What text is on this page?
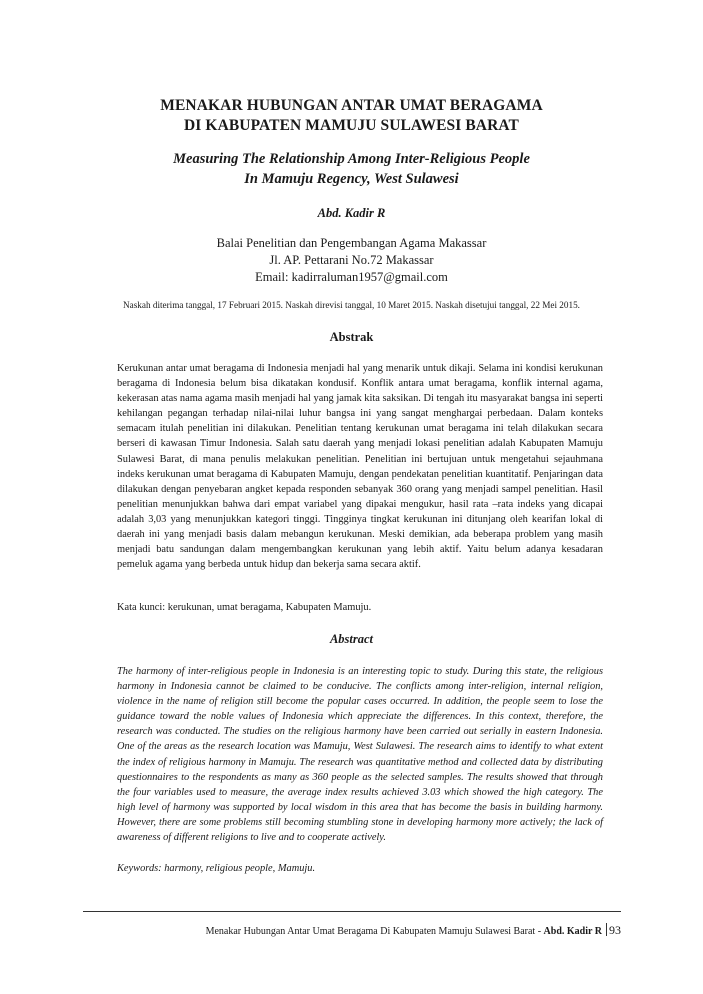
MENAKAR HUBUNGAN ANTAR UMAT BERAGAMA
DI KABUPATEN MAMUJU SULAWESI BARAT
Measuring The Relationship Among Inter-Religious People
In Mamuju Regency, West Sulawesi
Abd. Kadir R
Balai Penelitian dan Pengembangan Agama Makassar
Jl. AP. Pettarani No.72 Makassar
Email: kadirraluman1957@gmail.com
Naskah diterima tanggal, 17 Februari 2015. Naskah direvisi tanggal, 10 Maret 2015. Naskah disetujui tanggal, 22 Mei 2015.
Abstrak
Kerukunan antar umat beragama di Indonesia menjadi hal yang menarik untuk dikaji. Selama ini kondisi kerukunan beragama di Indonesia belum bisa dikatakan kondusif. Konflik antara umat beragama, konflik internal agama, kekerasan atas nama agama masih menjadi hal yang jamak kita saksikan. Di tengah itu masyarakat bangsa ini seperti kehilangan pegangan terhadap nilai-nilai luhur bangsa ini yang sangat menghargai perbedaan. Dalam konteks semacam itulah penelitian ini dilakukan. Penelitian tentang kerukunan umat beragama ini telah dilakukan secara berseri di kawasan Timur Indonesia. Salah satu daerah yang menjadi lokasi penelitian adalah Kabupaten Mamuju Sulawesi Barat, di mana penulis melakukan penelitian. Penelitian ini bertujuan untuk mengetahui sejauhmana indeks kerukunan umat beragama di Kabupaten Mamuju, dengan pendekatan penelitian kuantitatif. Penjaringan data dilakukan dengan penyebaran angket kepada responden sebanyak 360 orang yang menjadi sampel penelitian. Hasil penelitian menunjukkan bahwa dari empat variabel yang dipakai mengukur, hasil rata –rata indeks yang dicapai adalah 3,03 yang menunjukkan kategori tinggi. Tingginya tingkat kerukunan ini ditunjang oleh kearifan lokal di daerah ini yang menjadi basis dalam mebangun kerukunan. Meski demikian, ada beberapa problem yang masih menjadi batu sandungan dalam mengembangkan kerukunan yang lebih aktif. Yaitu belum adanya kesadaran pemeluk agama yang berbeda untuk hidup dan bekerja sama secara aktif.
Kata kunci: kerukunan, umat beragama, Kabupaten Mamuju.
Abstract
The harmony of inter-religious people in Indonesia is an interesting topic to study. During this state, the religious harmony in Indonesia cannot be claimed to be conducive. The conflicts among inter-religion, internal religion, violence in the name of religion still become the popular cases occurred. In addition, the people seem to lose the guidance toward the noble values of Indonesia which appreciate the differences. In this context, therefore, the research was conducted. The studies on the religious harmony have been carried out serially in eastern Indonesia. One of the areas as the research location was Mamuju, West Sulawesi. The research aims to identify to what extent the index of religious harmony in Mamuju. The research was quantitative method and collected data by distributing questionnaires to the respondents as many as 360 people as the selected samples. The results showed that through the four variables used to measure, the average index results achieved 3.03 which showed the high category. The high level of harmony was supported by local wisdom in this area that has become the basis in building harmony. However, there are some problems still becoming stumbling stone in developing harmony more actively; the lack of awareness of different religions to live and to cooperate actively.
Keywords: harmony, religious people, Mamuju.
Menakar Hubungan Antar Umat Beragama Di Kabupaten Mamuju Sulawesi Barat - Abd. Kadir R 93
